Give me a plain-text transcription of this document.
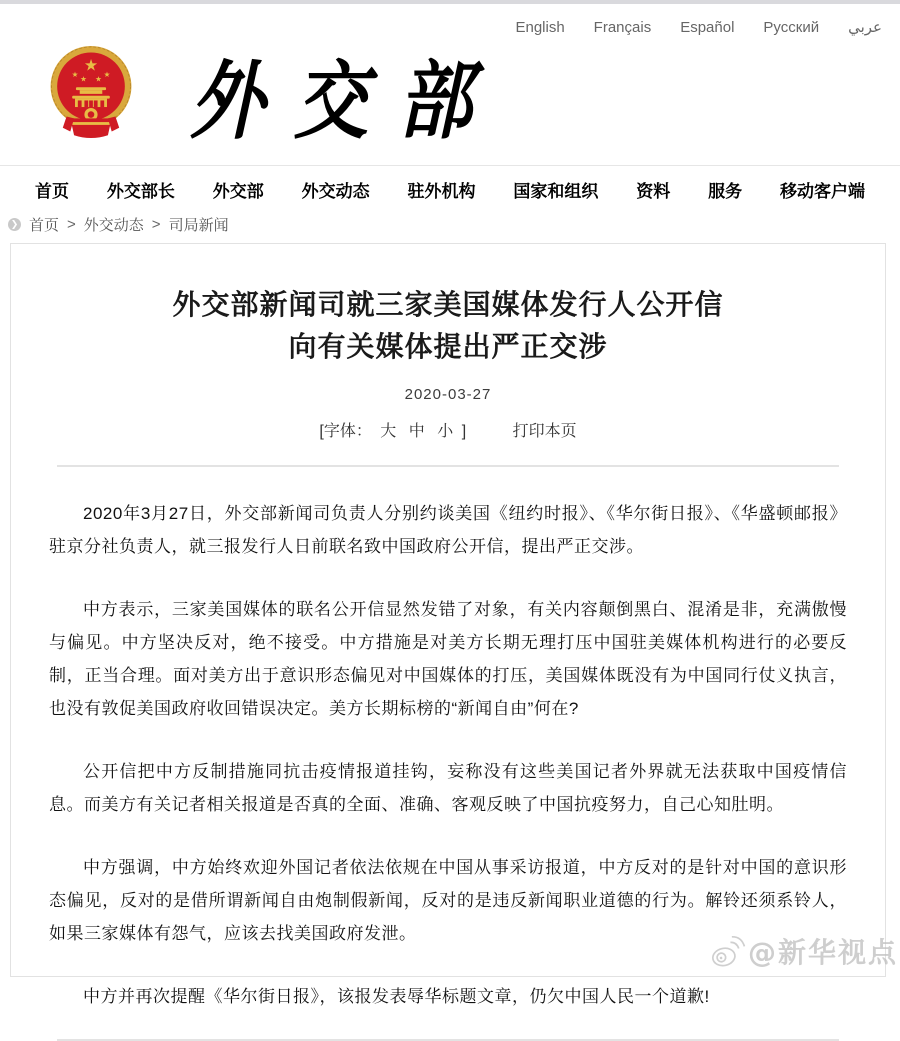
English Français Español Русский عربي
★
★
★ ★
★ 外交部
首页 外交部长 外交部 外交动态 驻外机构 国家和组织 资料 服务 移动客户端
❯ 首页 > 外交动态 > 司局新闻
外交部新闻司就三家美国媒体发行人公开信
向有关媒体提出严正交涉
2020-03-27
[字体： 大 中 小 ]	打印本页

2020年3月27日，外交部新闻司负责人分别约谈美国《纽约时报》、《华尔街日报》、《华盛顿邮报》驻京分社负责人，就三报发行人日前联名致中国政府公开信，提出严正交涉。

中方表示，三家美国媒体的联名公开信显然发错了对象，有关内容颠倒黑白、混淆是非，充满傲慢与偏见。中方坚决反对，绝不接受。中方措施是对美方长期无理打压中国驻美媒体机构进行的必要反制，正当合理。面对美方出于意识形态偏见对中国媒体的打压，美国媒体既没有为中国同行仗义执言，也没有敦促美国政府收回错误决定。美方长期标榜的“新闻自由”何在?

公开信把中方反制措施同抗击疫情报道挂钩，妄称没有这些美国记者外界就无法获取中国疫情信息。而美方有关记者相关报道是否真的全面、准确、客观反映了中国抗疫努力，自己心知肚明。

中方强调，中方始终欢迎外国记者依法依规在中国从事采访报道，中方反对的是针对中国的意识形态偏见，反对的是借所谓新闻自由炮制假新闻，反对的是违反新闻职业道德的行为。解铃还须系铃人，如果三家媒体有怨气，应该去找美国政府发泄。

中方并再次提醒《华尔街日报》，该报发表辱华标题文章，仍欠中国人民一个道歉!

@新华视点
